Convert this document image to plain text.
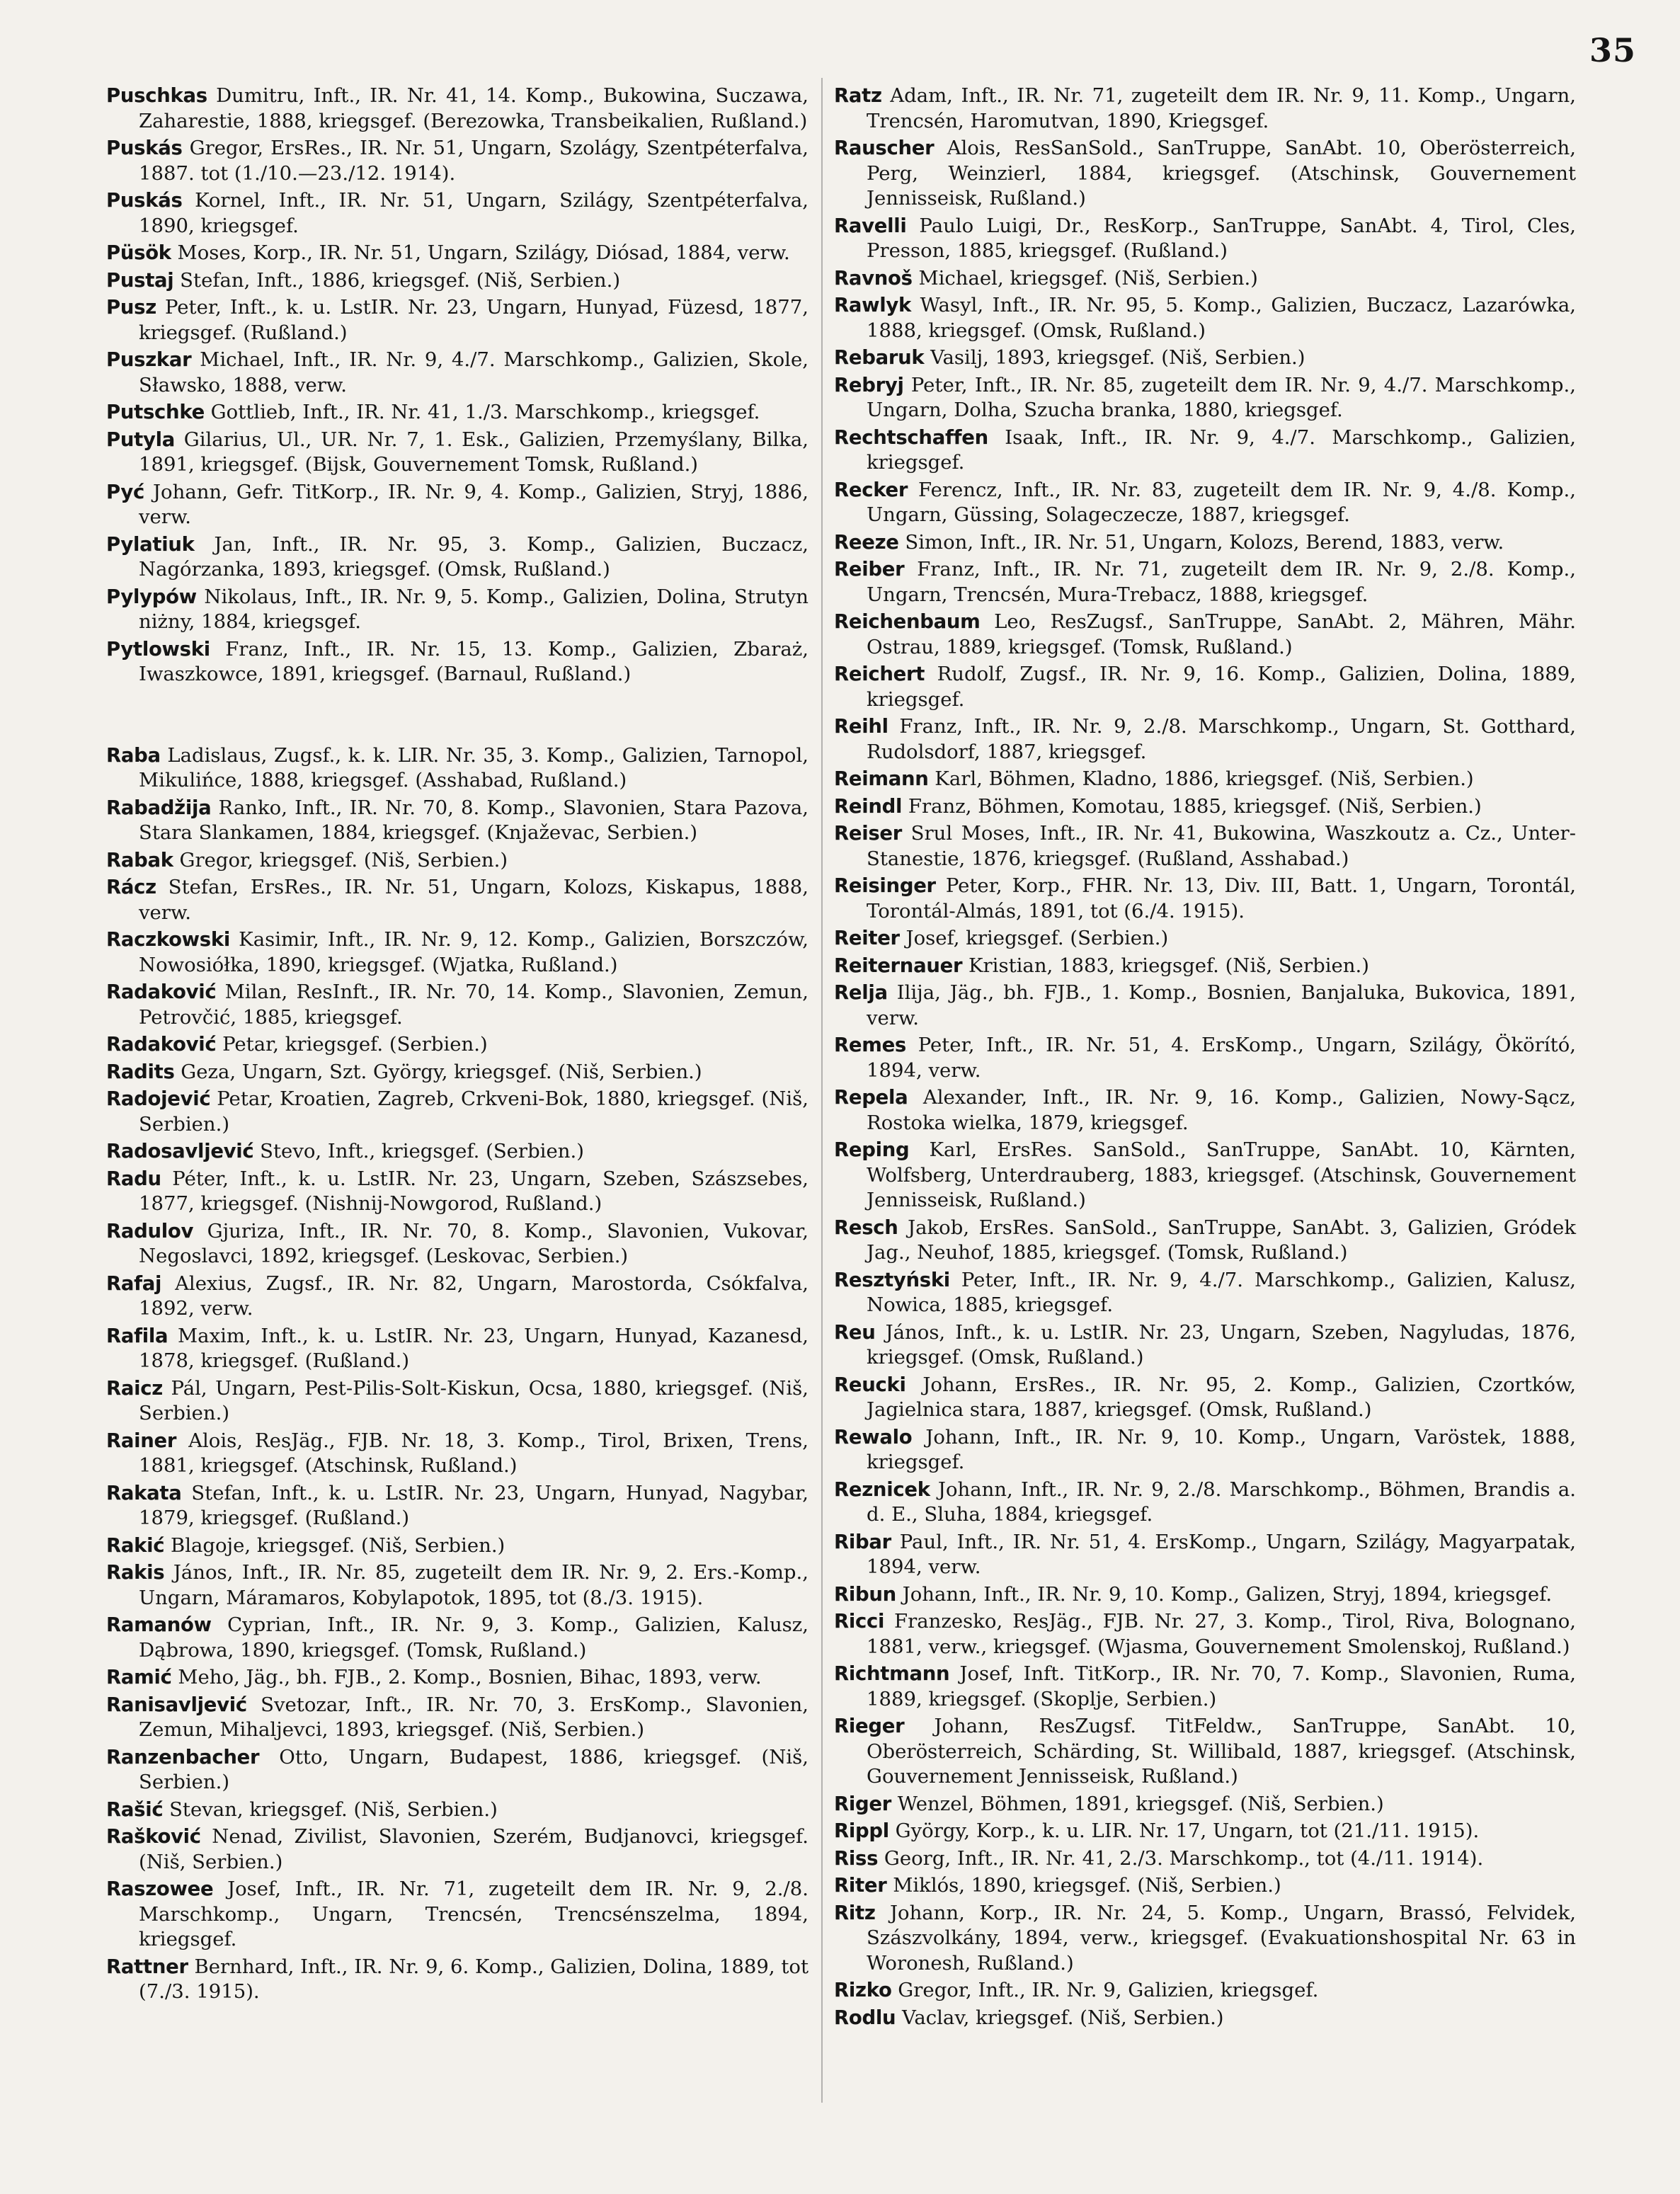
35

Puschkas Dumitru, Inft., IR. Nr. 41, 14. Komp., Bukowina, Suczawa, Zaharestie, 1888, kriegsgef. (Berezowka, Transbeikalien, Rußland.)

Puskás Gregor, ErsRes., IR. Nr. 51, Ungarn, Szolágy, Szentpéterfalva, 1887. tot (1./10.—23./12. 1914).

Puskás Kornel, Inft., IR. Nr. 51, Ungarn, Szilágy, Szentpéterfalva, 1890, kriegsgef.

Püsök Moses, Korp., IR. Nr. 51, Ungarn, Szilágy, Diósad, 1884, verw.

Pustaj Stefan, Inft., 1886, kriegsgef. (Niš, Serbien.)

Pusz Peter, Inft., k. u. LstIR. Nr. 23, Ungarn, Hunyad, Füzesd, 1877, kriegsgef. (Rußland.)

Puszkar Michael, Inft., IR. Nr. 9, 4./7. Marschkomp., Galizien, Skole, Sławsko, 1888, verw.

Putschke Gottlieb, Inft., IR. Nr. 41, 1./3. Marschkomp., kriegsgef.

Putyla Gilarius, Ul., UR. Nr. 7, 1. Esk., Galizien, Przemyślany, Bilka, 1891, kriegsgef. (Bijsk, Gouvernement Tomsk, Rußland.)

Pyć Johann, Gefr. TitKorp., IR. Nr. 9, 4. Komp., Galizien, Stryj, 1886, verw.

Pylatiuk Jan, Inft., IR. Nr. 95, 3. Komp., Galizien, Buczacz, Nagórzanka, 1893, kriegsgef. (Omsk, Rußland.)

Pylypów Nikolaus, Inft., IR. Nr. 9, 5. Komp., Galizien, Dolina, Strutyn niżny, 1884, kriegsgef.

Pytlowski Franz, Inft., IR. Nr. 15, 13. Komp., Galizien, Zbaraż, Iwaszkowce, 1891, kriegsgef. (Barnaul, Rußland.)

Raba Ladislaus, Zugsf., k. k. LIR. Nr. 35, 3. Komp., Galizien, Tarnopol, Mikulińce, 1888, kriegsgef. (Asshabad, Rußland.)

Rabadžija Ranko, Inft., IR. Nr. 70, 8. Komp., Slavonien, Stara Pazova, Stara Slankamen, 1884, kriegsgef. (Knjaževac, Serbien.)

Rabak Gregor, kriegsgef. (Niš, Serbien.)

Rácz Stefan, ErsRes., IR. Nr. 51, Ungarn, Kolozs, Kiskapus, 1888, verw.

Raczkowski Kasimir, Inft., IR. Nr. 9, 12. Komp., Galizien, Borszczów, Nowosiółka, 1890, kriegsgef. (Wjatka, Rußland.)

Radaković Milan, ResInft., IR. Nr. 70, 14. Komp., Slavonien, Zemun, Petrovčić, 1885, kriegsgef.

Radaković Petar, kriegsgef. (Serbien.)

Radits Geza, Ungarn, Szt. György, kriegsgef. (Niš, Serbien.)

Radojević Petar, Kroatien, Zagreb, Crkveni-Bok, 1880, kriegsgef. (Niš, Serbien.)

Radosavljević Stevo, Inft., kriegsgef. (Serbien.)

Radu Péter, Inft., k. u. LstIR. Nr. 23, Ungarn, Szeben, Szászsebes, 1877, kriegsgef. (Nishnij-Nowgorod, Rußland.)

Radulov Gjuriza, Inft., IR. Nr. 70, 8. Komp., Slavonien, Vukovar, Negoslavci, 1892, kriegsgef. (Leskovac, Serbien.)

Rafaj Alexius, Zugsf., IR. Nr. 82, Ungarn, Marostorda, Csókfalva, 1892, verw.

Rafila Maxim, Inft., k. u. LstIR. Nr. 23, Ungarn, Hunyad, Kazanesd, 1878, kriegsgef. (Rußland.)

Raicz Pál, Ungarn, Pest-Pilis-Solt-Kiskun, Ocsa, 1880, kriegsgef. (Niš, Serbien.)

Rainer Alois, ResJäg., FJB. Nr. 18, 3. Komp., Tirol, Brixen, Trens, 1881, kriegsgef. (Atschinsk, Rußland.)

Rakata Stefan, Inft., k. u. LstIR. Nr. 23, Ungarn, Hunyad, Nagybar, 1879, kriegsgef. (Rußland.)

Rakić Blagoje, kriegsgef. (Niš, Serbien.)

Rakis János, Inft., IR. Nr. 85, zugeteilt dem IR. Nr. 9, 2. Ers.-Komp., Ungarn, Máramaros, Kobylapotok, 1895, tot (8./3. 1915).

Ramanów Cyprian, Inft., IR. Nr. 9, 3. Komp., Galizien, Kalusz, Dąbrowa, 1890, kriegsgef. (Tomsk, Rußland.)

Ramić Meho, Jäg., bh. FJB., 2. Komp., Bosnien, Bihac, 1893, verw.

Ranisavljević Svetozar, Inft., IR. Nr. 70, 3. ErsKomp., Slavonien, Zemun, Mihaljevci, 1893, kriegsgef. (Niš, Serbien.)

Ranzenbacher Otto, Ungarn, Budapest, 1886, kriegsgef. (Niš, Serbien.)

Rašić Stevan, kriegsgef. (Niš, Serbien.)

Rašković Nenad, Zivilist, Slavonien, Szerém, Budjanovci, kriegsgef. (Niš, Serbien.)

Raszowee Josef, Inft., IR. Nr. 71, zugeteilt dem IR. Nr. 9, 2./8. Marschkomp., Ungarn, Trencsén, Trencsénszelma, 1894, kriegsgef.

Rattner Bernhard, Inft., IR. Nr. 9, 6. Komp., Galizien, Dolina, 1889, tot (7./3. 1915).

Ratz Adam, Inft., IR. Nr. 71, zugeteilt dem IR. Nr. 9, 11. Komp., Ungarn, Trencsén, Haromutvan, 1890, Kriegsgef.

Rauscher Alois, ResSanSold., SanTruppe, SanAbt. 10, Oberösterreich, Perg, Weinzierl, 1884, kriegsgef. (Atschinsk, Gouvernement Jennisseisk, Rußland.)

Ravelli Paulo Luigi, Dr., ResKorp., SanTruppe, SanAbt. 4, Tirol, Cles, Presson, 1885, kriegsgef. (Rußland.)

Ravnoš Michael, kriegsgef. (Niš, Serbien.)

Rawlyk Wasyl, Inft., IR. Nr. 95, 5. Komp., Galizien, Buczacz, Lazarówka, 1888, kriegsgef. (Omsk, Rußland.)

Rebaruk Vasilj, 1893, kriegsgef. (Niš, Serbien.)

Rebryj Peter, Inft., IR. Nr. 85, zugeteilt dem IR. Nr. 9, 4./7. Marschkomp., Ungarn, Dolha, Szucha branka, 1880, kriegsgef.

Rechtschaffen Isaak, Inft., IR. Nr. 9, 4./7. Marschkomp., Galizien, kriegsgef.

Recker Ferencz, Inft., IR. Nr. 83, zugeteilt dem IR. Nr. 9, 4./8. Komp., Ungarn, Güssing, Solageczecze, 1887, kriegsgef.

Reeze Simon, Inft., IR. Nr. 51, Ungarn, Kolozs, Berend, 1883, verw.

Reiber Franz, Inft., IR. Nr. 71, zugeteilt dem IR. Nr. 9, 2./8. Komp., Ungarn, Trencsén, Mura-Trebacz, 1888, kriegsgef.

Reichenbaum Leo, ResZugsf., SanTruppe, SanAbt. 2, Mähren, Mähr. Ostrau, 1889, kriegsgef. (Tomsk, Rußland.)

Reichert Rudolf, Zugsf., IR. Nr. 9, 16. Komp., Galizien, Dolina, 1889, kriegsgef.

Reihl Franz, Inft., IR. Nr. 9, 2./8. Marschkomp., Ungarn, St. Gotthard, Rudolsdorf, 1887, kriegsgef.

Reimann Karl, Böhmen, Kladno, 1886, kriegsgef. (Niš, Serbien.)

Reindl Franz, Böhmen, Komotau, 1885, kriegsgef. (Niš, Serbien.)

Reiser Srul Moses, Inft., IR. Nr. 41, Bukowina, Waszkoutz a. Cz., Unter-Stanestie, 1876, kriegsgef. (Rußland, Asshabad.)

Reisinger Peter, Korp., FHR. Nr. 13, Div. III, Batt. 1, Ungarn, Torontál, Torontál-Almás, 1891, tot (6./4. 1915).

Reiter Josef, kriegsgef. (Serbien.)

Reiternauer Kristian, 1883, kriegsgef. (Niš, Serbien.)

Relja Ilija, Jäg., bh. FJB., 1. Komp., Bosnien, Banjaluka, Bukovica, 1891, verw.

Remes Peter, Inft., IR. Nr. 51, 4. ErsKomp., Ungarn, Szilágy, Ökörító, 1894, verw.

Repela Alexander, Inft., IR. Nr. 9, 16. Komp., Galizien, Nowy-Sącz, Rostoka wielka, 1879, kriegsgef.

Reping Karl, ErsRes. SanSold., SanTruppe, SanAbt. 10, Kärnten, Wolfsberg, Unterdrauberg, 1883, kriegsgef. (Atschinsk, Gouvernement Jennisseisk, Rußland.)

Resch Jakob, ErsRes. SanSold., SanTruppe, SanAbt. 3, Galizien, Gródek Jag., Neuhof, 1885, kriegsgef. (Tomsk, Rußland.)

Resztyński Peter, Inft., IR. Nr. 9, 4./7. Marschkomp., Galizien, Kalusz, Nowica, 1885, kriegsgef.

Reu János, Inft., k. u. LstIR. Nr. 23, Ungarn, Szeben, Nagyludas, 1876, kriegsgef. (Omsk, Rußland.)

Reucki Johann, ErsRes., IR. Nr. 95, 2. Komp., Galizien, Czortków, Jagielnica stara, 1887, kriegsgef. (Omsk, Rußland.)

Rewalo Johann, Inft., IR. Nr. 9, 10. Komp., Ungarn, Varöstek, 1888, kriegsgef.

Reznicek Johann, Inft., IR. Nr. 9, 2./8. Marschkomp., Böhmen, Brandis a. d. E., Sluha, 1884, kriegsgef.

Ribar Paul, Inft., IR. Nr. 51, 4. ErsKomp., Ungarn, Szilágy, Magyarpatak, 1894, verw.

Ribun Johann, Inft., IR. Nr. 9, 10. Komp., Galizen, Stryj, 1894, kriegsgef.

Ricci Franzesko, ResJäg., FJB. Nr. 27, 3. Komp., Tirol, Riva, Bolognano, 1881, verw., kriegsgef. (Wjasma, Gouvernement Smolenskoj, Rußland.)

Richtmann Josef, Inft. TitKorp., IR. Nr. 70, 7. Komp., Slavonien, Ruma, 1889, kriegsgef. (Skoplje, Serbien.)

Rieger Johann, ResZugsf. TitFeldw., SanTruppe, SanAbt. 10, Oberösterreich, Schärding, St. Willibald, 1887, kriegsgef. (Atschinsk, Gouvernement Jennisseisk, Rußland.)

Riger Wenzel, Böhmen, 1891, kriegsgef. (Niš, Serbien.)

Rippl György, Korp., k. u. LIR. Nr. 17, Ungarn, tot (21./11. 1915).

Riss Georg, Inft., IR. Nr. 41, 2./3. Marschkomp., tot (4./11. 1914).

Riter Miklós, 1890, kriegsgef. (Niš, Serbien.)

Ritz Johann, Korp., IR. Nr. 24, 5. Komp., Ungarn, Brassó, Felvidek, Szászvolkány, 1894, verw., kriegsgef. (Evakuationshospital Nr. 63 in Woronesh, Rußland.)

Rizko Gregor, Inft., IR. Nr. 9, Galizien, kriegsgef.

Rodlu Vaclav, kriegsgef. (Niš, Serbien.)
